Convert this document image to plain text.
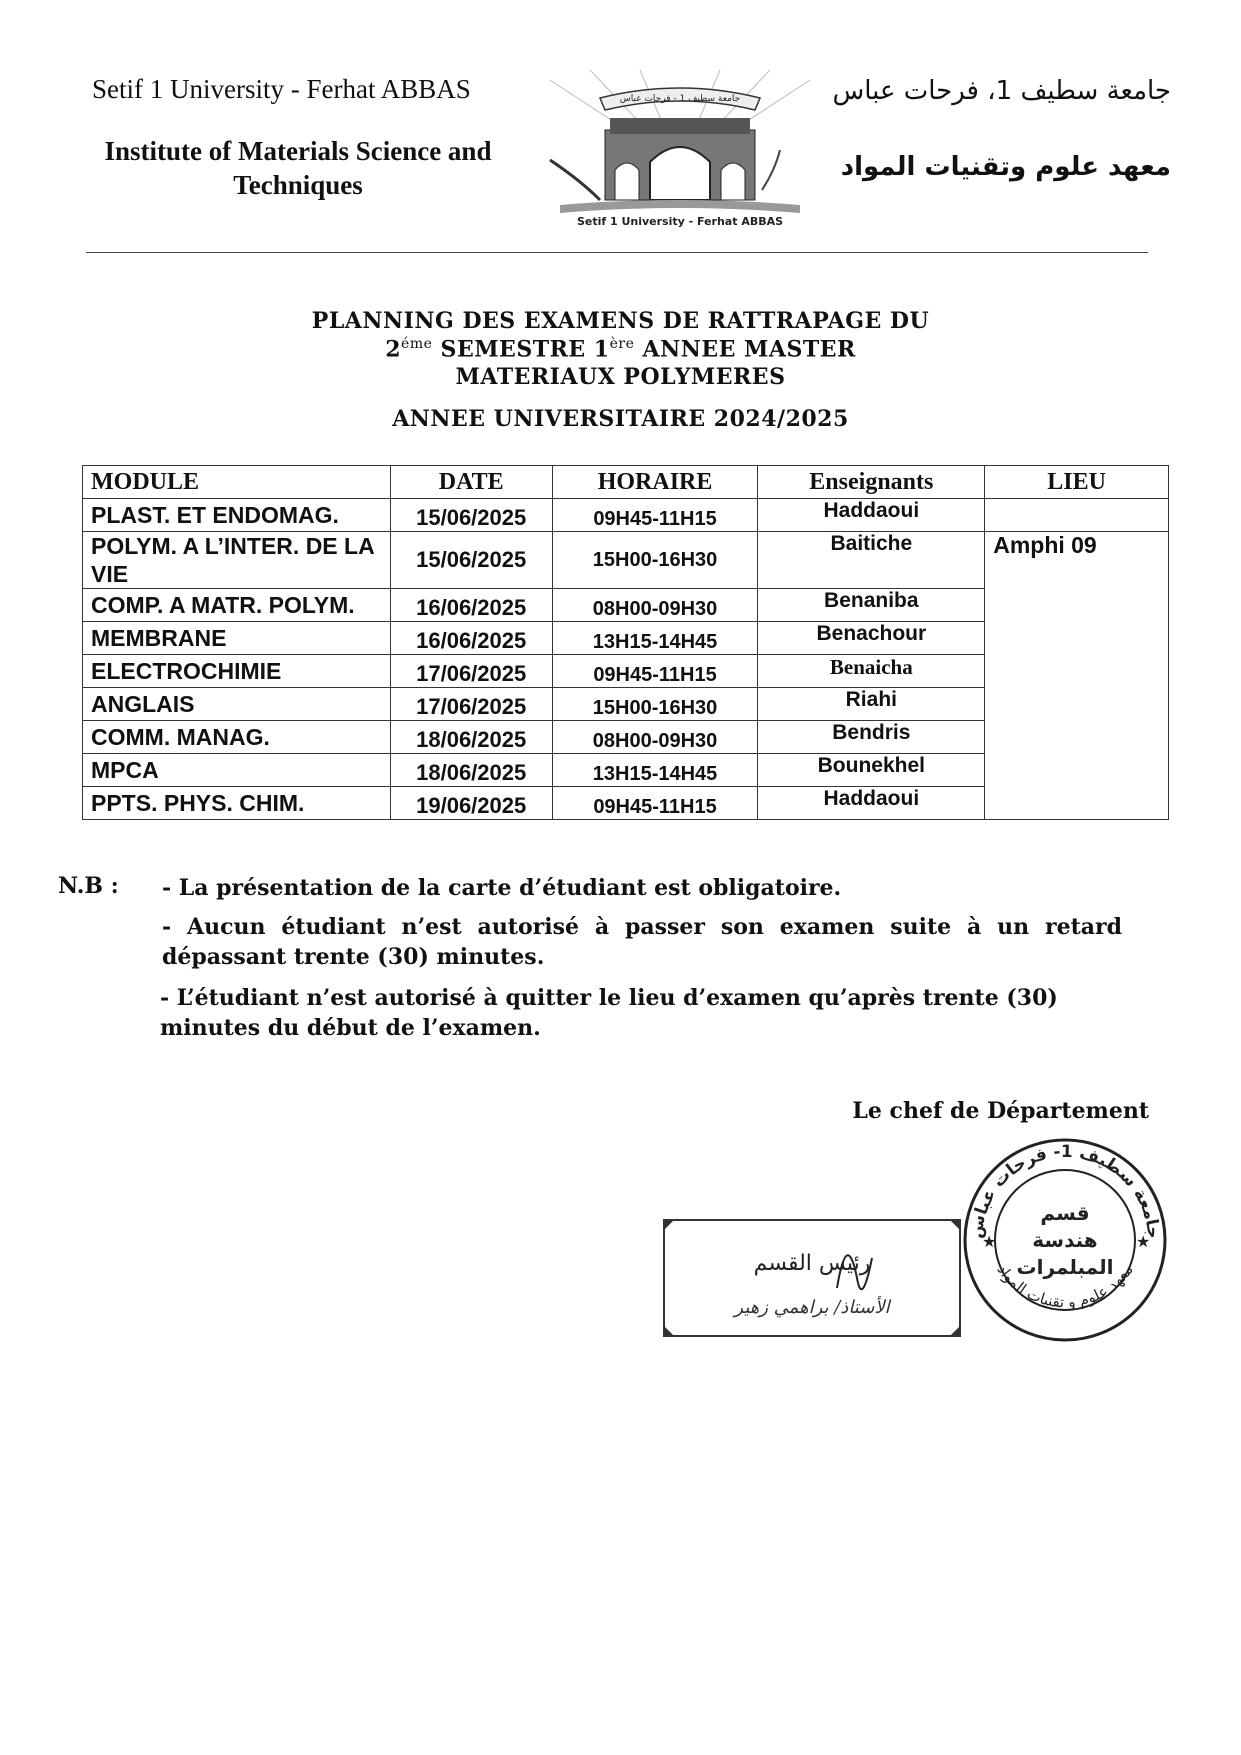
Setif 1 University - Ferhat ABBAS
Institute of Materials Science and Techniques
جامعة سطيف 1، فرحات عباس
معهد علوم وتقنيات المواد
جامعة سطيف 1 - فرحات عباس
Setif 1 University - Ferhat ABBAS
PLANNING DES EXAMENS DE RATTRAPAGE DU
$2^{éme}$ SEMESTRE 1ère ANNEE MASTER
MATERIAUX POLYMERES
ANNEE UNIVERSITAIRE 2024/2025
MODULE	DATE	HORAIRE	Enseignants	LIEU
PLAST. ET ENDOMAG.	15/06/2025	09H45-11H15	Haddaoui	
POLYM. A L’INTER. DE LA VIE	15/06/2025	15H00-16H30	Baitiche	Amphi 09
COMP. A MATR. POLYM.	16/06/2025	08H00-09H30	Benaniba	
MEMBRANE	16/06/2025	13H15-14H45	Benachour	
ELECTROCHIMIE	17/06/2025	09H45-11H15	Benaicha	
ANGLAIS	17/06/2025	15H00-16H30	Riahi	
COMM. MANAG.	18/06/2025	08H00-09H30	Bendris	
MPCA	18/06/2025	13H15-14H45	Bounekhel	
PPTS. PHYS. CHIM.	19/06/2025	09H45-11H15	Haddaoui	
N.B : - La présentation de la carte d’étudiant est obligatoire.
- Aucun étudiant n’est autorisé à passer son examen suite à un retard dépassant trente (30) minutes.
- L’étudiant n’est autorisé à quitter le lieu d’examen qu’après trente (30) minutes du début de l’examen.
Le chef de Département
رئيس القسم
الأستاذ/ براهمي زهير
جامعة سطيف 1- فرحات عباس
معهد علوم و تقنيات المواد
قسم
هندسة
المبلمرات
★	★
